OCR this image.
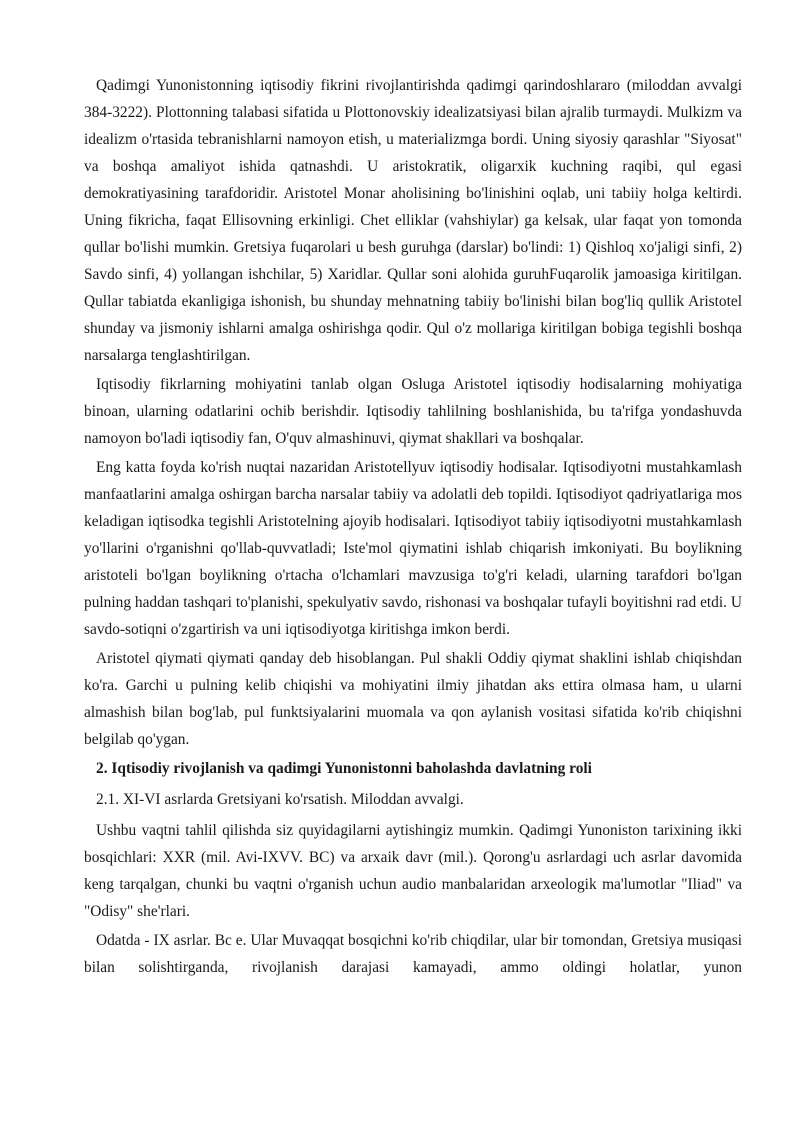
Qadimgi Yunonistonning iqtisodiy fikrini rivojlantirishda qadimgi qarindoshlararo (miloddan avvalgi 384-3222). Plottonning talabasi sifatida u Plottonovskiy idealizatsiyasi bilan ajralib turmaydi. Mulkizm va idealizm o'rtasida tebranishlarni namoyon etish, u materializmga bordi. Uning siyosiy qarashlar "Siyosat" va boshqa amaliyot ishida qatnashdi. U aristokratik, oligarxik kuchning raqibi, qul egasi demokratiyasining tarafdoridir. Aristotel Monar aholisining bo'linishini oqlab, uni tabiiy holga keltirdi. Uning fikricha, faqat Ellisovning erkinligi. Chet elliklar (vahshiylar) ga kelsak, ular faqat yon tomonda qullar bo'lishi mumkin. Gretsiya fuqarolari u besh guruhga (darslar) bo'lindi: 1) Qishloq xo'jaligi sinfi, 2) Savdo sinfi, 4) yollangan ishchilar, 5) Xaridlar. Qullar soni alohida guruhFuqarolik jamoasiga kiritilgan. Qullar tabiatda ekanligiga ishonish, bu shunday mehnatning tabiiy bo'linishi bilan bog'liq qullik Aristotel shunday va jismoniy ishlarni amalga oshirishga qodir. Qul o'z mollariga kiritilgan bobiga tegishli boshqa narsalarga tenglashtirilgan.

Iqtisodiy fikrlarning mohiyatini tanlab olgan Osluga Aristotel iqtisodiy hodisalarning mohiyatiga binoan, ularning odatlarini ochib berishdir. Iqtisodiy tahlilning boshlanishida, bu ta'rifga yondashuvda namoyon bo'ladi iqtisodiy fan, O'quv almashinuvi, qiymat shakllari va boshqalar.

Eng katta foyda ko'rish nuqtai nazaridan Aristotellyuv iqtisodiy hodisalar. Iqtisodiyotni mustahkamlash manfaatlarini amalga oshirgan barcha narsalar tabiiy va adolatli deb topildi. Iqtisodiyot qadriyatlariga mos keladigan iqtisodka tegishli Aristotelning ajoyib hodisalari. Iqtisodiyot tabiiy iqtisodiyotni mustahkamlash yo'llarini o'rganishni qo'llab-quvvatladi; Iste'mol qiymatini ishlab chiqarish imkoniyati. Bu boylikning aristoteli bo'lgan boylikning o'rtacha o'lchamlari mavzusiga to'g'ri keladi, ularning tarafdori bo'lgan pulning haddan tashqari to'planishi, spekulyativ savdo, rishonasi va boshqalar tufayli boyitishni rad etdi. U savdo-sotiqni o'zgartirish va uni iqtisodiyotga kiritishga imkon berdi.

Aristotel qiymati qiymati qanday deb hisoblangan. Pul shakli Oddiy qiymat shaklini ishlab chiqishdan ko'ra. Garchi u pulning kelib chiqishi va mohiyatini ilmiy jihatdan aks ettira olmasa ham, u ularni almashish bilan bog'lab, pul funktsiyalarini muomala va qon aylanish vositasi sifatida ko'rib chiqishni belgilab qo'ygan.

2. Iqtisodiy rivojlanish va qadimgi Yunonistonni baholashda davlatning roli

2.1. XI-VI asrlarda Gretsiyani ko'rsatish. Miloddan avvalgi.

Ushbu vaqtni tahlil qilishda siz quyidagilarni aytishingiz mumkin. Qadimgi Yunoniston tarixining ikki bosqichlari: XXR (mil. Avi-IXVV. BC) va arxaik davr (mil.). Qorong'u asrlardagi uch asrlar davomida keng tarqalgan, chunki bu vaqtni o'rganish uchun audio manbalaridan arxeologik ma'lumotlar "Iliad" va "Odisy" she'rlari.

Odatda - IX asrlar. Bc e. Ular Muvaqqat bosqichni ko'rib chiqdilar, ular bir tomondan, Gretsiya musiqasi bilan solishtirganda, rivojlanish darajasi kamayadi, ammo oldingi holatlar, yunon
